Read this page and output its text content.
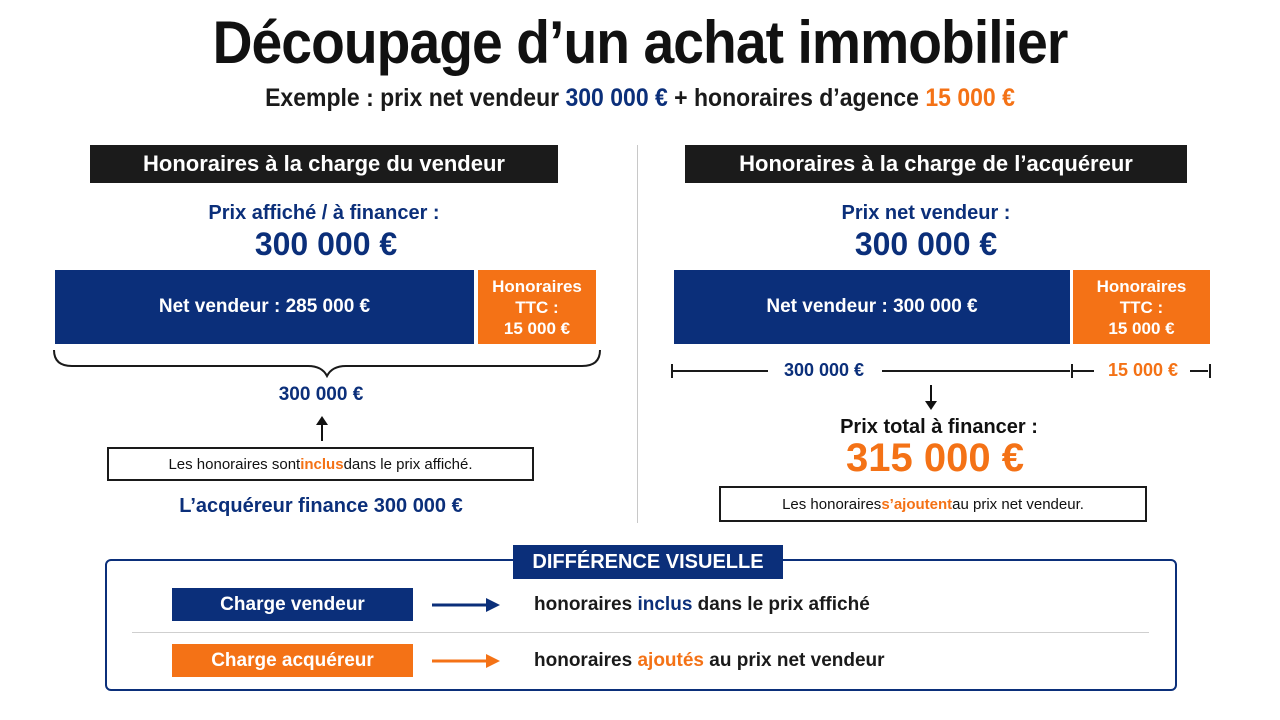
Découpage d’un achat immobilier
Exemple : prix net vendeur 300 000 € + honoraires d’agence 15 000 €
Honoraires à la charge du vendeur
Prix affiché / à financer :
300 000 €
Net vendeur : 285 000 €
Honoraires
TTC :
15 000 €
300 000 €
Les honoraires sont inclus dans le prix affiché.
L’acquéreur finance 300 000 €
Honoraires à la charge de l’acquéreur
Prix net vendeur :
300 000 €
Net vendeur : 300 000 €
Honoraires
TTC :
15 000 €
300 000 €	15 000 €
Prix total à financer :
315 000 €
Les honoraires s’ajoutent au prix net vendeur.
DIFFÉRENCE VISUELLE
Charge vendeur	honoraires inclus dans le prix affiché
Charge acquéreur	honoraires ajoutés au prix net vendeur
